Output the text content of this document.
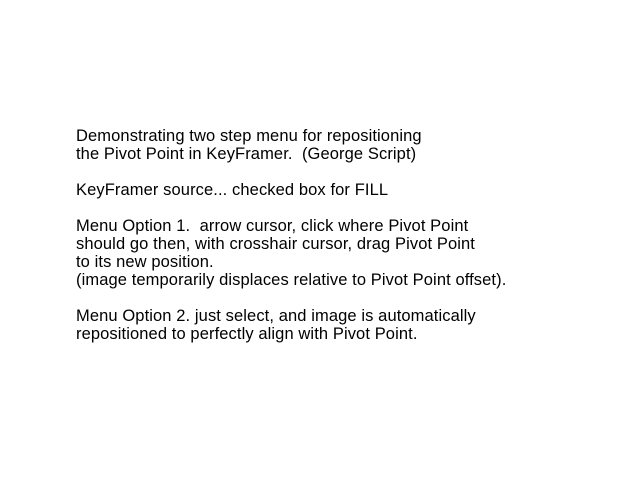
Demonstrating two step menu for repositioning
the Pivot Point in KeyFramer.  (George Script)

KeyFramer source... checked box for FILL

Menu Option 1.  arrow cursor, click where Pivot Point
should go then, with crosshair cursor, drag Pivot Point
to its new position.
(image temporarily displaces relative to Pivot Point offset).

Menu Option 2. just select, and image is automatically
repositioned to perfectly align with Pivot Point.
